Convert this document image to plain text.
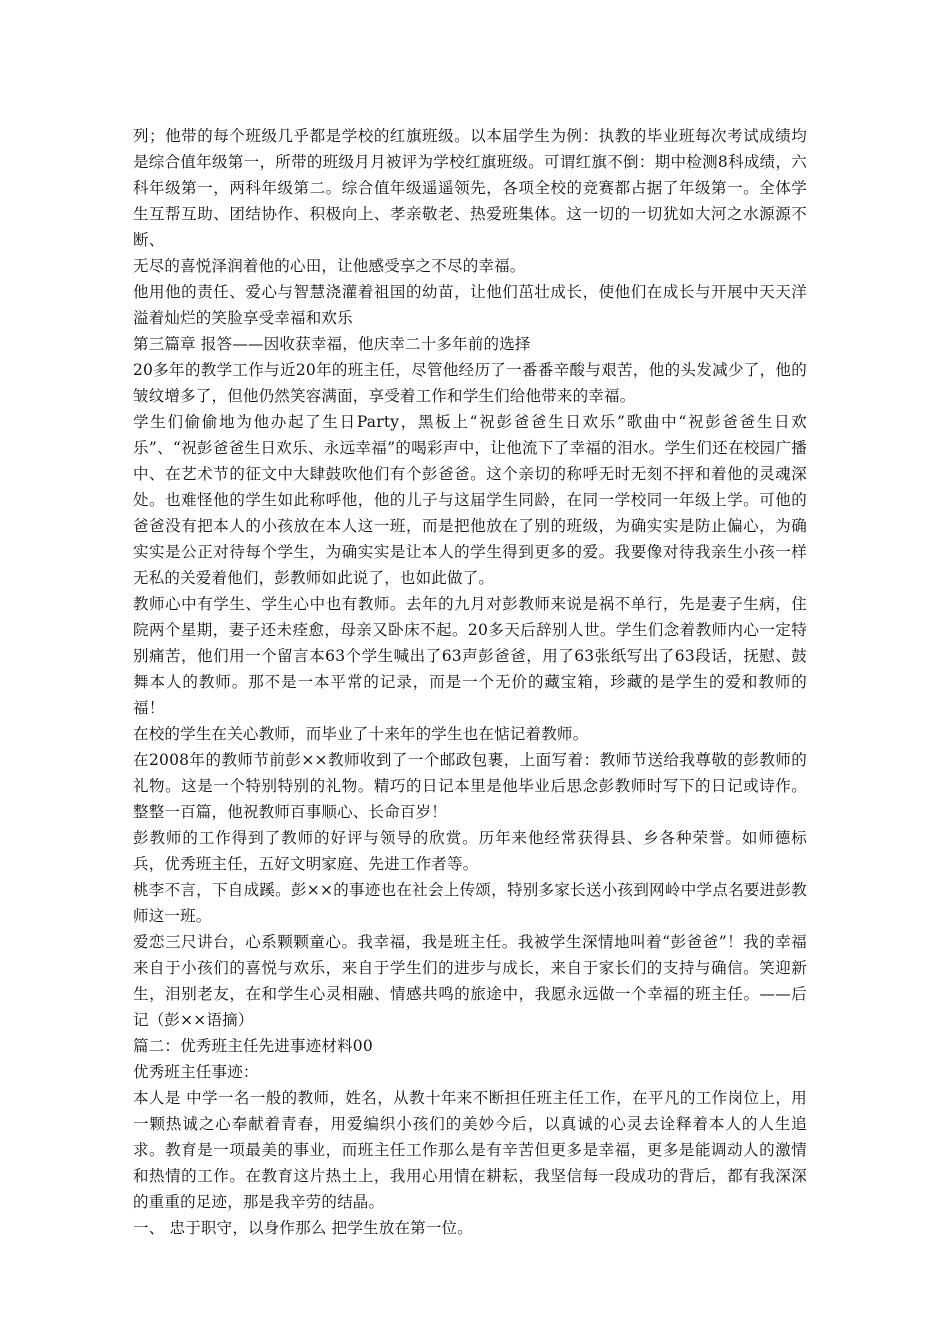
列；他带的每个班级几乎都是学校的红旗班级。以本届学生为例：执教的毕业班每次考试成绩均是综合值年级第一，所带的班级月月被评为学校红旗班级。可谓红旗不倒：期中检测8科成绩，六科年级第一，两科年级第二。综合值年级遥遥领先，各项全校的竞赛都占据了年级第一。全体学生互帮互助、团结协作、积极向上、孝亲敬老、热爱班集体。这一切的一切犹如大河之水源源不断、

无尽的喜悦泽润着他的心田，让他感受享之不尽的幸福。

他用他的责任、爱心与智慧浇灌着祖国的幼苗，让他们茁壮成长，使他们在成长与开展中天天洋溢着灿烂的笑脸享受幸福和欢乐

第三篇章 报答——因收获幸福，他庆幸二十多年前的选择

20多年的教学工作与近20年的班主任，尽管他经历了一番番辛酸与艰苦，他的头发减少了，他的皱纹增多了，但他仍然笑容满面，享受着工作和学生们给他带来的幸福。

学生们偷偷地为他办起了生日Party，黑板上“祝彭爸爸生日欢乐”歌曲中“祝彭爸爸生日欢乐”、“祝彭爸爸生日欢乐、永远幸福”的喝彩声中，让他流下了幸福的泪水。学生们还在校园广播中、在艺术节的征文中大肆鼓吹他们有个彭爸爸。这个亲切的称呼无时无刻不抨和着他的灵魂深处。也难怪他的学生如此称呼他，他的儿子与这届学生同龄，在同一学校同一年级上学。可他的爸爸没有把本人的小孩放在本人这一班，而是把他放在了别的班级，为确实实是防止偏心，为确实实是公正对待每个学生，为确实实是让本人的学生得到更多的爱。我要像对待我亲生小孩一样无私的关爱着他们，彭教师如此说了，也如此做了。

教师心中有学生、学生心中也有教师。去年的九月对彭教师来说是祸不单行，先是妻子生病，住院两个星期，妻子还未痊愈，母亲又卧床不起。20多天后辞别人世。学生们念着教师内心一定特别痛苦，他们用一个留言本63个学生喊出了63声彭爸爸，用了63张纸写出了63段话，抚慰、鼓舞本人的教师。那不是一本平常的记录，而是一个无价的藏宝箱，珍藏的是学生的爱和教师的福！

在校的学生在关心教师，而毕业了十来年的学生也在惦记着教师。

在2008年的教师节前彭××教师收到了一个邮政包裹，上面写着：教师节送给我尊敬的彭教师的礼物。这是一个特别特别的礼物。精巧的日记本里是他毕业后思念彭教师时写下的日记或诗作。整整一百篇，他祝教师百事顺心、长命百岁！

彭教师的工作得到了教师的好评与领导的欣赏。历年来他经常获得县、乡各种荣誉。如师德标兵，优秀班主任，五好文明家庭、先进工作者等。

桃李不言，下自成蹊。彭××的事迹也在社会上传颂，特别多家长送小孩到网岭中学点名要进彭教师这一班。

爱恋三尺讲台，心系颗颗童心。我幸福，我是班主任。我被学生深情地叫着“彭爸爸”！我的幸福来自于小孩们的喜悦与欢乐，来自于学生们的进步与成长，来自于家长们的支持与确信。笑迎新生，泪别老友，在和学生心灵相融、情感共鸣的旅途中，我愿永远做一个幸福的班主任。——后记（彭××语摘）

篇二：优秀班主任先进事迹材料00

优秀班主任事迹：

本人是 中学一名一般的教师，姓名，从教十年来不断担任班主任工作，在平凡的工作岗位上，用一颗热诚之心奉献着青春，用爱编织小孩们的美妙今后，以真诚的心灵去诠释着本人的人生追求。教育是一项最美的事业，而班主任工作那么是有辛苦但更多是幸福，更多是能调动人的激情和热情的工作。在教育这片热土上，我用心用情在耕耘，我坚信每一段成功的背后，都有我深深的重重的足迹，那是我辛劳的结晶。

一、 忠于职守，以身作那么 把学生放在第一位。
